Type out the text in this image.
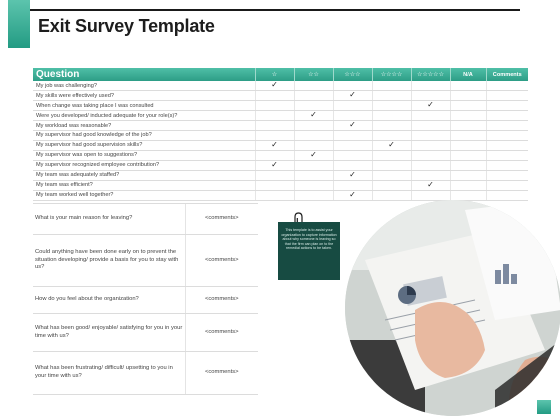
Exit Survey Template
Question	☆	☆☆	☆☆☆	☆☆☆☆	☆☆☆☆☆	N/A	Comments
My job was challenging?	✓						
My skills were effectively used?			✓				
When change was taking place I was consulted					✓		
Were you developed/ inducted adequate for your role(s)?		✓					
My workload was reasonable?			✓				
My supervisor had good knowledge of the job?							
My supervisor had good supervision skills?	✓			✓			
My supervisor was open to suggestions?		✓					
My supervisor recognized employee contribution?	✓						
My team was adequately staffed?			✓				
My team was efficient?					✓		
My team worked well together?			✓				
What is your main reason for leaving?	<comments>
Could anything have been done early on to prevent the situation developing/ provide a basis for you to stay with us?	<comments>
How do you feel about the organization?	<comments>
What has been good/ enjoyable/ satisfying for you in your time with us?	<comments>
What has been frustrating/ difficult/ upsetting to you in your time with us?	<comments>
This template is to assist your organization to capture information about why someone is leaving so that the firm can plan on to the remedial actions to be taken.
